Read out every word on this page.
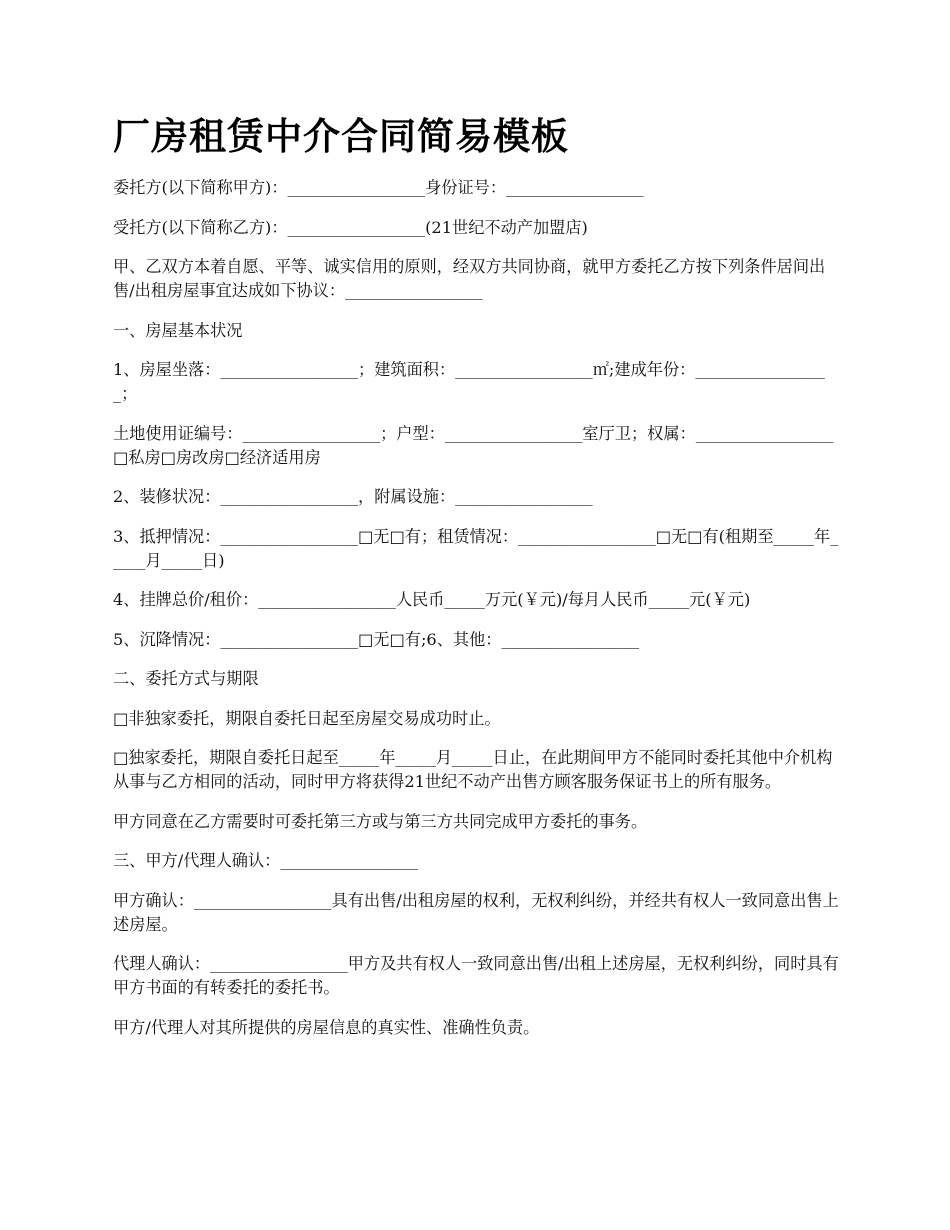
厂房租赁中介合同简易模板

委托方(以下简称甲方)：_________________身份证号：_________________

受托方(以下简称乙方)：_________________(21世纪不动产加盟店)

甲、乙双方本着自愿、平等、诚实信用的原则，经双方共同协商，就甲方委托乙方按下列条件居间出售/出租房屋事宜达成如下协议：_________________

一、房屋基本状况

1、房屋坐落：_________________；建筑面积：_________________㎡;建成年份：_________________；

土地使用证编号：_________________；户型：_________________室厅卫；权属：_________________□私房□房改房□经济适用房

2、装修状况：_________________，附属设施：_________________

3、抵押情况：_________________□无□有；租赁情况：_________________□无□有(租期至_____年_____月_____日)

4、挂牌总价/租价：_________________人民币_____万元(￥元)/每月人民币_____元(￥元)

5、沉降情况：_________________□无□有;6、其他：_________________

二、委托方式与期限

□非独家委托，期限自委托日起至房屋交易成功时止。

□独家委托，期限自委托日起至_____年_____月_____日止，在此期间甲方不能同时委托其他中介机构从事与乙方相同的活动，同时甲方将获得21世纪不动产出售方顾客服务保证书上的所有服务。

甲方同意在乙方需要时可委托第三方或与第三方共同完成甲方委托的事务。

三、甲方/代理人确认：_________________

甲方确认：_________________具有出售/出租房屋的权利，无权利纠纷，并经共有权人一致同意出售上述房屋。

代理人确认：_________________甲方及共有权人一致同意出售/出租上述房屋，无权利纠纷，同时具有甲方书面的有转委托的委托书。

甲方/代理人对其所提供的房屋信息的真实性、准确性负责。
